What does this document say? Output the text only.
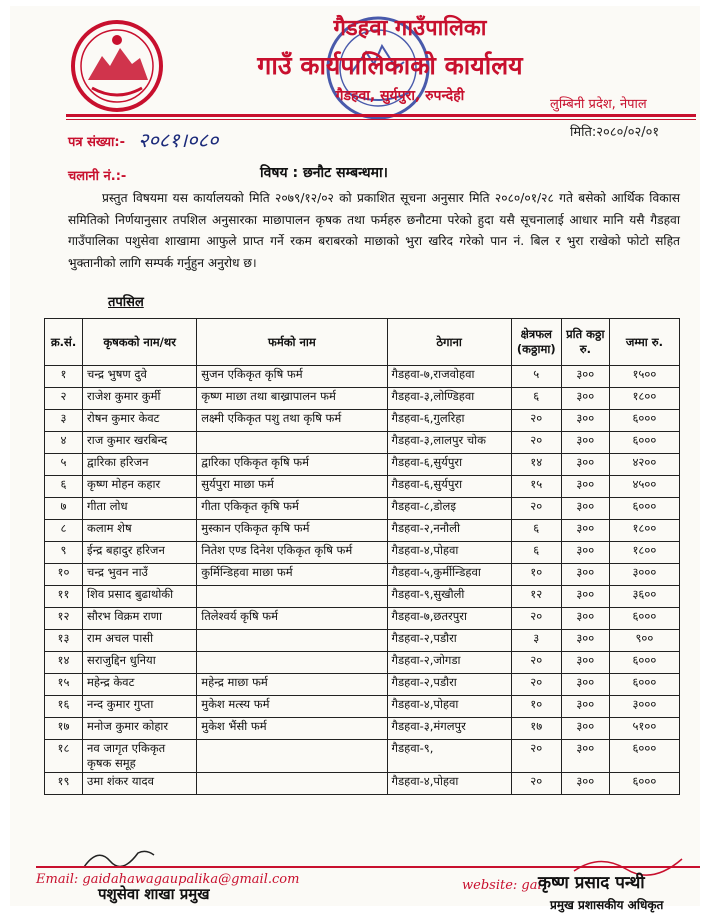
गैडहवा गाउँपालिका
गाउँ कार्यपालिकाको कार्यालय
गैडहवा, सुर्यपुरा, रुपन्देही
लुम्बिनी प्रदेश, नेपाल
मिति:२०८०/०२/०१
पत्र संख्या:- २०८१।०८०
चलानी नं.:-	विषय : छनौट सम्बन्धमा।
प्रस्तुत विषयमा यस कार्यालयको मिति २०७९/१२/०२ को प्रकाशित सूचना अनुसार मिति २०८०/०१/२८ गते बसेको आर्थिक विकास समितिको निर्णयानुसार तपशिल अनुसारका माछापालन कृषक तथा फर्महरु छनौटमा परेको हुदा यसै सूचनालाई आधार मानि यसै गैडहवा गाउँपालिका पशुसेवा शाखामा आफुले प्राप्त गर्ने रकम बराबरको माछाको भुरा खरिद गरेको पान नं. बिल र भुरा राखेको फोटो सहित भुक्तानीको लागि सम्पर्क गर्नुहुन अनुरोध छ।
तपसिल
क्र.सं.	कृषकको नाम/थर	फर्मको नाम	ठेगाना	क्षेत्रफल (कठ्ठामा)	प्रति कठ्ठा रु.	जम्मा रु.
१	चन्द्र भुषण दुवे	सुजन एकिकृत कृषि फर्म	गैडहवा-७,राजवोहवा	५	३००	१५००
२	राजेश कुमार कुर्मी	कृष्ण माछा तथा बाख्रापालन फर्म	गैडहवा-३,लोण्डिहवा	६	३००	१८००
३	रोषन कुमार केवट	लक्ष्मी एकिकृत पशु तथा कृषि फर्म	गैडहवा-६,गुलरिहा	२०	३००	६०००
४	राज कुमार खरबिन्द		गैडहवा-३,लालपुर चोक	२०	३००	६०००
५	द्वारिका हरिजन	द्वारिका एकिकृत कृषि फर्म	गैडहवा-६,सुर्यपुरा	१४	३००	४२००
६	कृष्ण मोहन कहार	सुर्यपुरा माछा फर्म	गैडहवा-६,सुर्यपुरा	१५	३००	४५००
७	गीता लोध	गीता एकिकृत कृषि फर्म	गैडहवा-८,डोलइ	२०	३००	६०००
८	कलाम शेष	मुस्कान एकिकृत कृषि फर्म	गैडहवा-२,ननौली	६	३००	१८००
९	ईन्द्र बहादुर हरिजन	नितेश एण्ड दिनेश एकिकृत कृषि फर्म	गैडहवा-४,पोहवा	६	३००	१८००
१०	चन्द्र भुवन नाउँ	कुर्मिन्डिहवा माछा फर्म	गैडहवा-५,कुर्मीन्डिहवा	१०	३००	३०००
११	शिव प्रसाद बुढाथोकी		गैडहवा-९,सुखौली	१२	३००	३६००
१२	सौरभ विक्रम राणा	तिलेश्वर्य कृषि फर्म	गैडहवा-७,छतरपुरा	२०	३००	६०००
१३	राम अचल पासी		गैडहवा-२,पडौरा	३	३००	९००
१४	सराजुद्दिन धुनिया		गैडहवा-२,जोगडा	२०	३००	६०००
१५	महेन्द्र केवट	महेन्द्र माछा फर्म	गैडहवा-२,पडौरा	२०	३००	६०००
१६	नन्द कुमार गुप्ता	मुकेश मत्स्य फर्म	गैडहवा-४,पोहवा	१०	३००	३०००
१७	मनोज कुमार कोहार	मुकेश भैंसी फर्म	गैडहवा-३,मंगलपुर	१७	३००	५१००
१८	नव जागृत एकिकृत कृषक समूह		गैडहवा-९,	२०	३००	६०००
१९	उमा शंकर यादव		गैडहवा-४,पोहवा	२०	३००	६०००
Email: gaidahawagaupalika@gmail.com	website: gai
पशुसेवा शाखा प्रमुख
कृष्ण प्रसाद पन्थी
प्रमुख प्रशासकीय अधिकृत
